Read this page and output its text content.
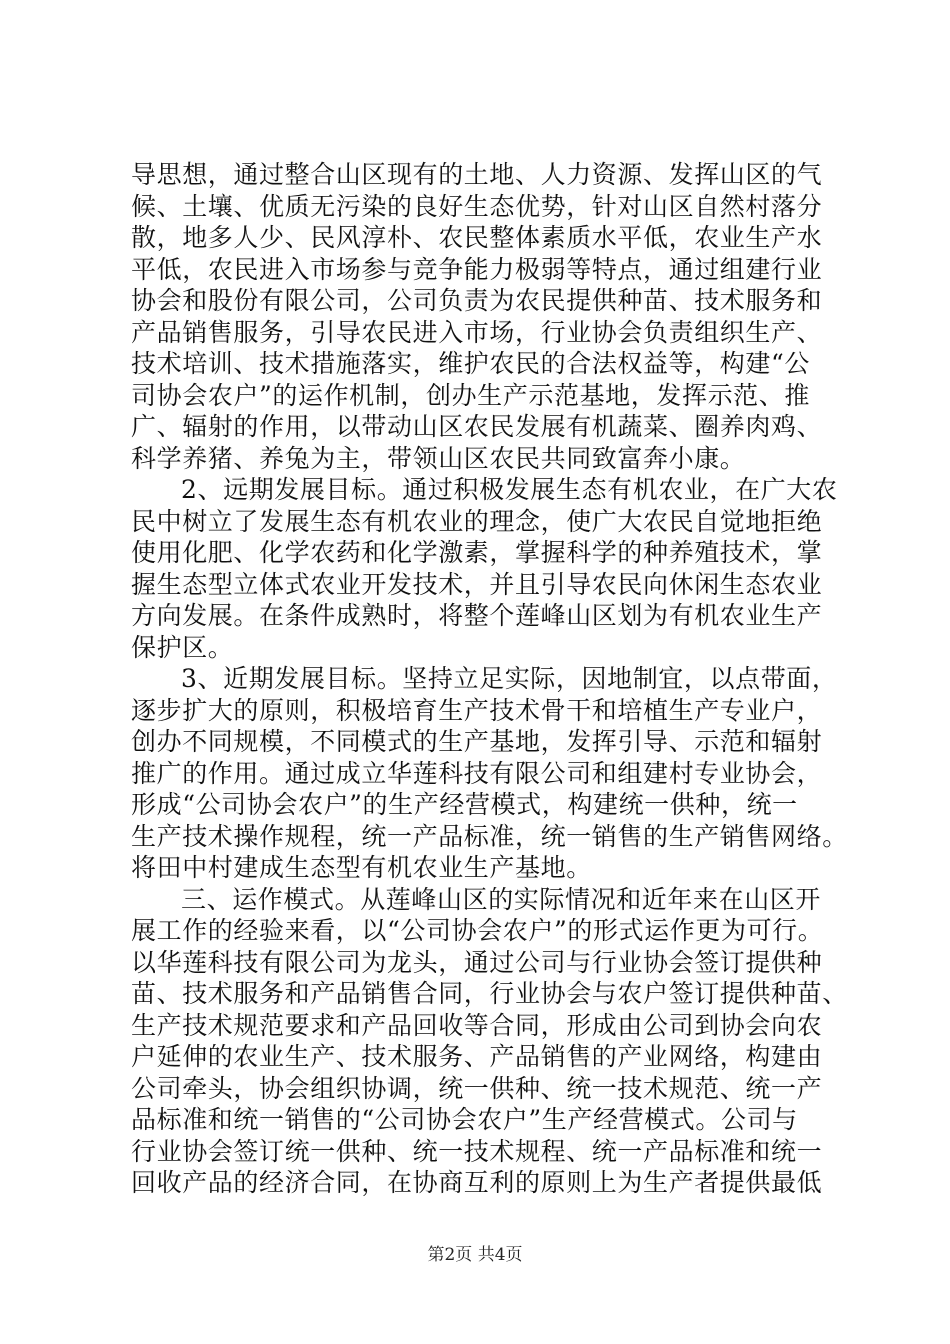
导思想，通过整合山区现有的土地、人力资源、发挥山区的气
候、土壤、优质无污染的良好生态优势，针对山区自然村落分
散，地多人少、民风淳朴、农民整体素质水平低，农业生产水
平低，农民进入市场参与竞争能力极弱等特点，通过组建行业
协会和股份有限公司，公司负责为农民提供种苗、技术服务和
产品销售服务，引导农民进入市场，行业协会负责组织生产、
技术培训、技术措施落实，维护农民的合法权益等，构建“公
司协会农户”的运作机制，创办生产示范基地，发挥示范、推
广、辐射的作用，以带动山区农民发展有机蔬菜、圈养肉鸡、
科学养猪、养兔为主，带领山区农民共同致富奔小康。
2、远期发展目标。通过积极发展生态有机农业，在广大农
民中树立了发展生态有机农业的理念，使广大农民自觉地拒绝
使用化肥、化学农药和化学激素，掌握科学的种养殖技术，掌
握生态型立体式农业开发技术，并且引导农民向休闲生态农业
方向发展。在条件成熟时，将整个莲峰山区划为有机农业生产
保护区。
3、近期发展目标。坚持立足实际，因地制宜，以点带面，
逐步扩大的原则，积极培育生产技术骨干和培植生产专业户，
创办不同规模，不同模式的生产基地，发挥引导、示范和辐射
推广的作用。通过成立华莲科技有限公司和组建村专业协会，
形成“公司协会农户”的生产经营模式，构建统一供种，统一
生产技术操作规程，统一产品标准，统一销售的生产销售网络。
将田中村建成生态型有机农业生产基地。
三、运作模式。从莲峰山区的实际情况和近年来在山区开
展工作的经验来看，以“公司协会农户”的形式运作更为可行。
以华莲科技有限公司为龙头，通过公司与行业协会签订提供种
苗、技术服务和产品销售合同，行业协会与农户签订提供种苗、
生产技术规范要求和产品回收等合同，形成由公司到协会向农
户延伸的农业生产、技术服务、产品销售的产业网络，构建由
公司牵头，协会组织协调，统一供种、统一技术规范、统一产
品标准和统一销售的“公司协会农户”生产经营模式。公司与
行业协会签订统一供种、统一技术规程、统一产品标准和统一
回收产品的经济合同，在协商互利的原则上为生产者提供最低
第2页 共4页
